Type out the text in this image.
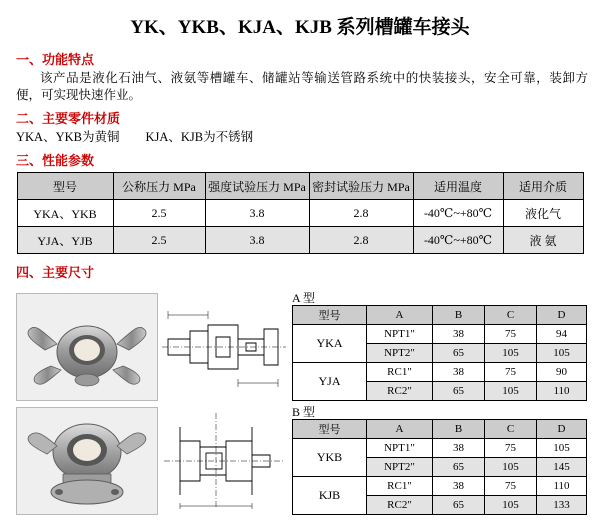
YK、YKB、KJA、KJB 系列槽罐车接头
一、功能特点
该产品是液化石油气、液氨等槽罐车、储罐站等输送管路系统中的快装接头，安全可靠，装卸方便，可实现快速作业。
二、主要零件材质
YKA、YKB为黄铜 KJA、KJB为不锈钢
三、性能参数
型号	公称压力 MPa	强度试验压力 MPa	密封试验压力 MPa	适用温度	适用介质
YKA、YKB	2.5	3.8	2.8	-40℃~+80℃	液化气
YJA、YJB	2.5	3.8	2.8	-40℃~+80℃	液 氨
四、主要尺寸
A 型
B 型
型号	A	B	C	D
YKA	NPT1"	38	75	94
	NPT2"	65	105	105
YJA	RC1"	38	75	90
	RC2"	65	105	110
型号	A	B	C	D
YKB	NPT1"	38	75	105
	NPT2"	65	105	145
KJB	RC1"	38	75	110
	RC2"	65	105	133
